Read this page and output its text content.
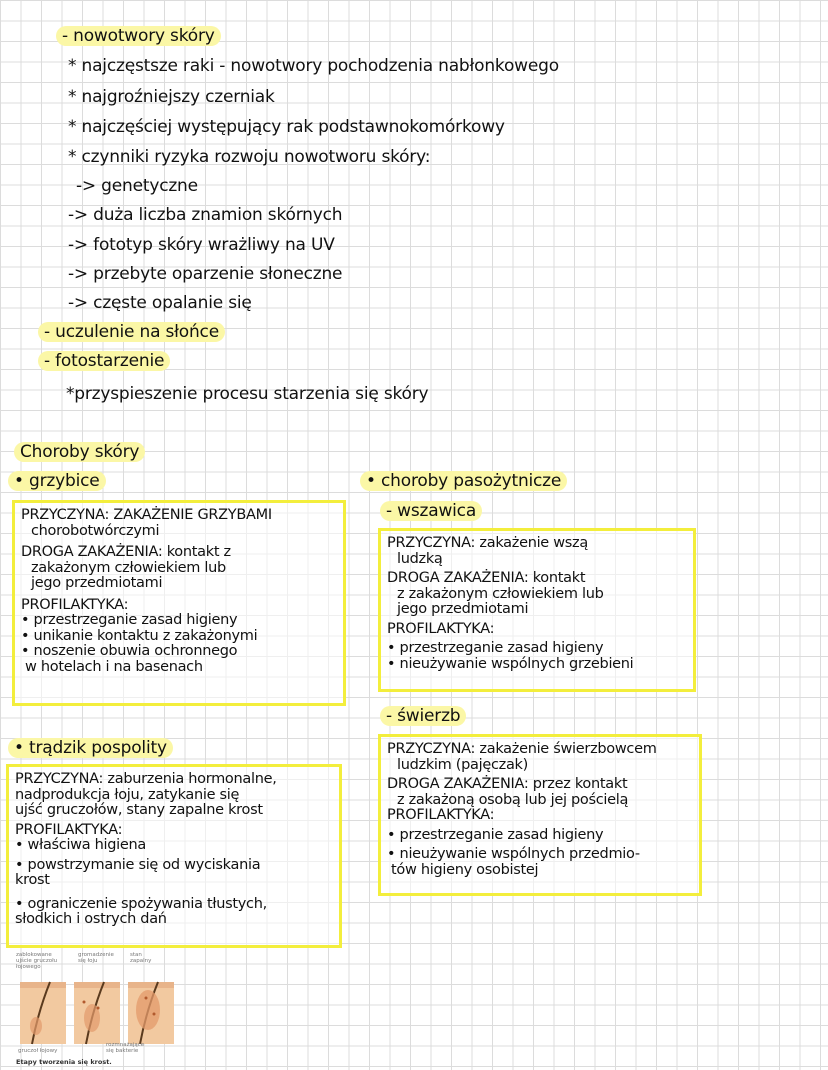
- nowotwory skóry
* najczęstsze raki - nowotwory pochodzenia nabłonkowego
* najgroźniejszy czerniak
* najczęściej występujący rak podstawnokomórkowy
* czynniki ryzyka rozwoju nowotworu skóry:
-> genetyczne
-> duża liczba znamion skórnych
-> fototyp skóry wrażliwy na UV
-> przebyte oparzenie słoneczne
-> częste opalanie się
- uczulenie na słońce
- fotostarzenie
*przyspieszenie procesu starzenia się skóry
Choroby skóry
• grzybice
PRZYCZYNA: ZAKAŻENIE GRZYBAMI
chorobotwórczymi
DROGA ZAKAŻENIA: kontakt z
zakażonym człowiekiem lub
jego przedmiotami
PROFILAKTYKA:
• przestrzeganie zasad higieny
• unikanie kontaktu z zakażonymi
• noszenie obuwia ochronnego
w hotelach i na basenach
• trądzik pospolity
PRZYCZYNA: zaburzenia hormonalne,
nadprodukcja łoju, zatykanie się
ujść gruczołów, stany zapalne krost
PROFILAKTYKA:
• właściwa higiena
• powstrzymanie się od wyciskania
krost
• ograniczenie spożywania tłustych,
słodkich i ostrych dań
• choroby pasożytnicze
- wszawica
PRZYCZYNA: zakażenie wszą
ludzką
DROGA ZAKAŻENIA: kontakt
z zakażonym człowiekiem lub
jego przedmiotami
PROFILAKTYKA:
• przestrzeganie zasad higieny
• nieużywanie wspólnych grzebieni
- świerzb
PRZYCZYNA: zakażenie świerzbowcem
ludzkim (pajęczak)
DROGA ZAKAŻENIA: przez kontakt
z zakażoną osobą lub jej pościelą
PROFILAKTYKA:
• przestrzeganie zasad higieny
• nieużywanie wspólnych przedmio-
tów higieny osobistej
zablokowane ujście gruczołu łojowego
gromadzenie się łoju
stan zapalny
gruczoł łojowy
rozmnażające się bakterie
Etapy tworzenia się krost.
